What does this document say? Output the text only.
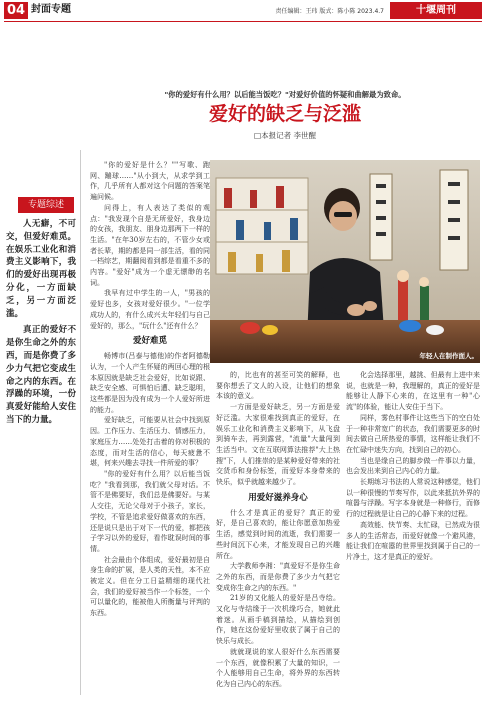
04 封面专题	责任编辑：王玮 版式：陈小陈 2023.4.7	十堰周刊
专题综述

人无癖，不可交，但爱好难觅。在娱乐工业化和消费主义影响下，我们的爱好出现再极分化，一方面缺乏，另一方面泛滥。

真正的爱好不是你生命之外的东西，而是你费了多少力气把它变成生命之内的东西。在浮躁的环境，一份真爱好能给人安住当下的力量。

"你的爱好有什么用？以后能当饭吃？"对爱好价值的怀疑和曲解最为致命。
爱好的缺乏与泛滥
□本报记者 李世醒

"你的爱好是什么？""写歌、跑网、蹦球……"从小到大，从求学到工作，几乎所有人都对这个问题的答案笔遍问候。

问得上，有人表达了类似的观点："我发现个自是无所爱好，我身边的女孩，我朋友、朋身边那两下一样的生活。"在年30岁左右的，不管少女或者长辈，期的都是同一部生活，看的同一档综艺，期翻阅看到都是看重不多的内容。"爱好"成为一个虚无缥缈的名词。

我早有过中学生的一人，"男孩的爱好也多，女孩对爱好很少。"一位学成功人的，有什么成兴太年轻们与自己爱好的，那么，"玩什么"还有什么？

爱好难觅

畅博市(吕泰与德他)的作者阿德勒认为，一个人产生怀疑的两回心理的根本原因就是缺乏社会爱好，比如说跟、缺乏安全感、可惧怕后遭、缺乏聪明，这些都是因为没有成为一个人爱好所进的能力。

爱好缺乏，可能要从社会中找到原因。工作压力、生活压力、情感压力，家庭压力……处处打击着的你对积极的态度，而对生活的信心，每天疲惫不堪，何来兴趣去寻找一件所爱的事？

"你的爱好有什么用？以后能当饭吃？"我看到那，我们就父母对话。不管不是佛要好，我们总是佛要好。与某人交往，无论父母对于小孩子，家长，学校，不管是追求爱好做喜欢的东西，还是说只是出于对下一代的爱，都把孩子学习以外的爱好，看作耽误时间的事情。

社会最由个体组成，爱好最初是自身生命的扩展，是人类的天性，本不应被定义。但在分工日益精细的现代社会，我们的爱好被当作一个标签，一个可以量化的，能被他人所衡量与评判的东西。

年轻人在制作面人。

的，比也有的甚至可笑的解释，也要你想丢了文人的入设，让他们的想象本该的意义。

一方面是爱好缺乏，另一方面是爱好泛滥。大家很难找到真正的爱好，在娱乐工业化和消费主义影响下，从飞盘到骑车去，再到露营，"流量"大量闯到生活当中。文在互联网算法推荐"大上热搜"下，人们推崇的是某种爱好带来的社交货币和身份标签，而爱好本身带来的快乐，似乎就越来越少了。

用爱好滋养身心

什么才是真正的爱好？真正的爱好，是自己喜欢的，能让你愿意加热爱生活，感觉到时间的流逝，我们需要一些时间沉下心来，才能发现自己的兴趣所在。

大学教师李湘："真爱好不是你生命之外的东西，而是你费了多少力气把它变成你生命之内的东西。"

21岁的又化能人的爱好是吕寺绘。又化与寺结缘于一次机缘巧合，她就此着迷。从画手稿到描绘，从描绘到创作，她在这份爱好里收获了属于自己的快乐与成长。

就就现说的家人很好什么东西需要一个东西，就像积累了大量的知识，一个人能够用自己生命，将外界的东西转化为自己内心的东西。

化会选择那里，越挑、但最有上进中来说，也就是一种，我理解的，真正的爱好是能够让人静下心来的，在这里有一种"心流"的体验，能让人安住于当下。

同样，雾色村事件让这些当下的空白处于一种非常宽广的状态，我们需要更多的时间去做自己所热爱的事情，这样能让我们不在忙碌中迷失方向，找到自己的初心。

当也是缘自己的脚步做一件事以力量，也会发出来到自己内心的力量。

长期练习书法的人常说这种感觉，他们以一种很慢的节奏写作，以此来抵抗外界的喧嚣与浮躁。写字本身就是一种修行，而修行的过程就是让自己的心静下来的过程。

高效能、快节奏、太忙碌，已然成为很多人的生活常态，而爱好就像一个避风港，能让我们在喧嚣的世界里找到属于自己的一片净土，这才是真正的爱好。
